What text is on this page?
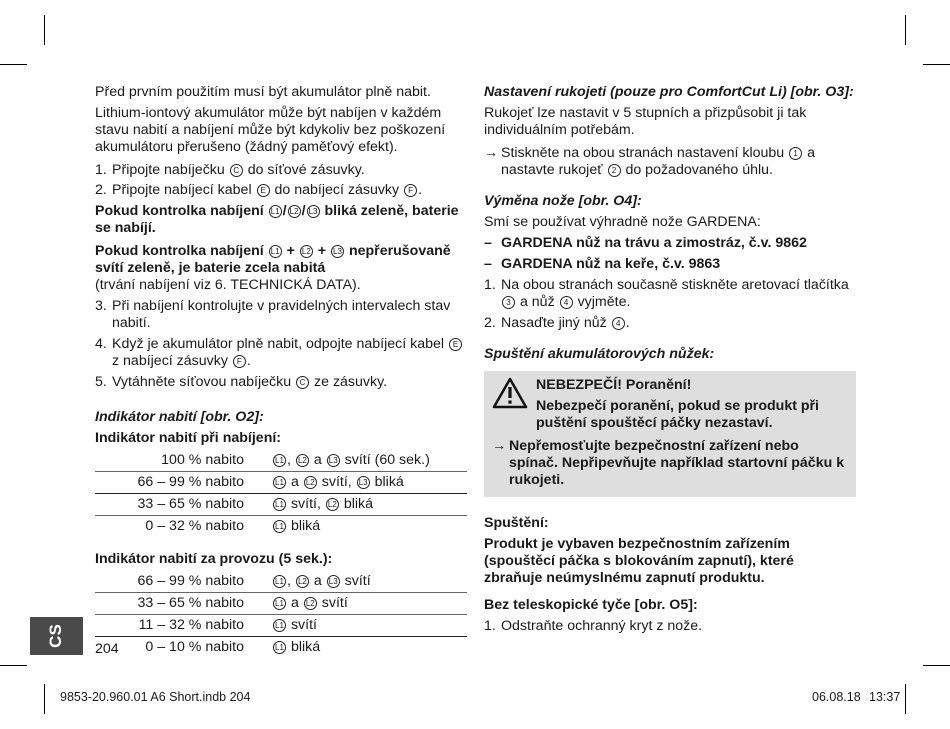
Před prvním použitím musí být akumulátor plně nabit.

Lithium-iontový akumulátor může být nabíjen v každém stavu nabití a nabíjení může být kdykoliv bez poškození akumulátoru přerušeno (žádný paměťový efekt).

1. Připojte nabíječku C do síťové zásuvky.
2. Připojte nabíjecí kabel E do nabíjecí zásuvky F .

Pokud kontrolka nabíjení L1 / L2 / L3 bliká zeleně, baterie se nabíjí.

Pokud kontrolka nabíjení L1 + L2 + L3 nepřerušovaně svítí zeleně, je baterie zcela nabitá

(trvání nabíjení viz 6. TECHNICKÁ DATA).

3. Při nabíjení kontrolujte v pravidelných intervalech stav nabití.
4. Když je akumulátor plně nabit, odpojte nabíjecí kabel E z nabíjecí zásuvky F .
5. Vytáhněte síťovou nabíječku C ze zásuvky.

Indikátor nabití [obr. O2]:

Indikátor nabití při nabíjení:

100 % nabito	L1 , L2 a L3 svítí (60 sek.)
66 – 99 % nabito	L1 a L2 svítí, L3 bliká
33 – 65 % nabito	L1 svítí, L2 bliká
0 – 32 % nabito	L1 bliká

Indikátor nabití za provozu (5 sek.):

66 – 99 % nabito	L1 , L2 a L3 svítí
33 – 65 % nabito	L1 a L2 svítí
11 – 32 % nabito	L1 svítí
0 – 10 % nabito	L1 bliká

Nastavení rukojeti (pouze pro ComfortCut Li) [obr. O3]:

Rukojeť lze nastavit v 5 stupních a přizpůsobit ji tak individuálním potřebám.

→ Stiskněte na obou stranách nastavení kloubu 1 a nastavte rukojeť 2 do požadovaného úhlu.

Výměna nože [obr. O4]:

Smí se používat výhradně nože GARDENA:

– GARDENA nůž na trávu a zimostráz, č.v. 9862
– GARDENA nůž na keře, č.v. 9863
1. Na obou stranách současně stiskněte aretovací tlačítka 3 a nůž 4 vyjměte.
2. Nasaďte jiný nůž 4 .

Spuštění akumulátorových nůžek:

NEBEZPEČÍ! Poranění!

Nebezpečí poranění, pokud se produkt při puštění spouštěcí páčky nezastaví.

→ Nepřemosťujte bezpečnostní zařízení nebo spínač. Nepřipevňujte například startovní páčku k rukojeti.

Spuštění:

Produkt je vybaven bezpečnostním zařízením (spouštěcí páčka s blokováním zapnutí), které zbraňuje neúmyslnému zapnutí produktu.

Bez teleskopické tyče [obr. O5]:

1. Odstraňte ochranný kryt z nože.
CS
204
9853-20.960.01 A6 Short.indb 204	06.08.18 13:37
